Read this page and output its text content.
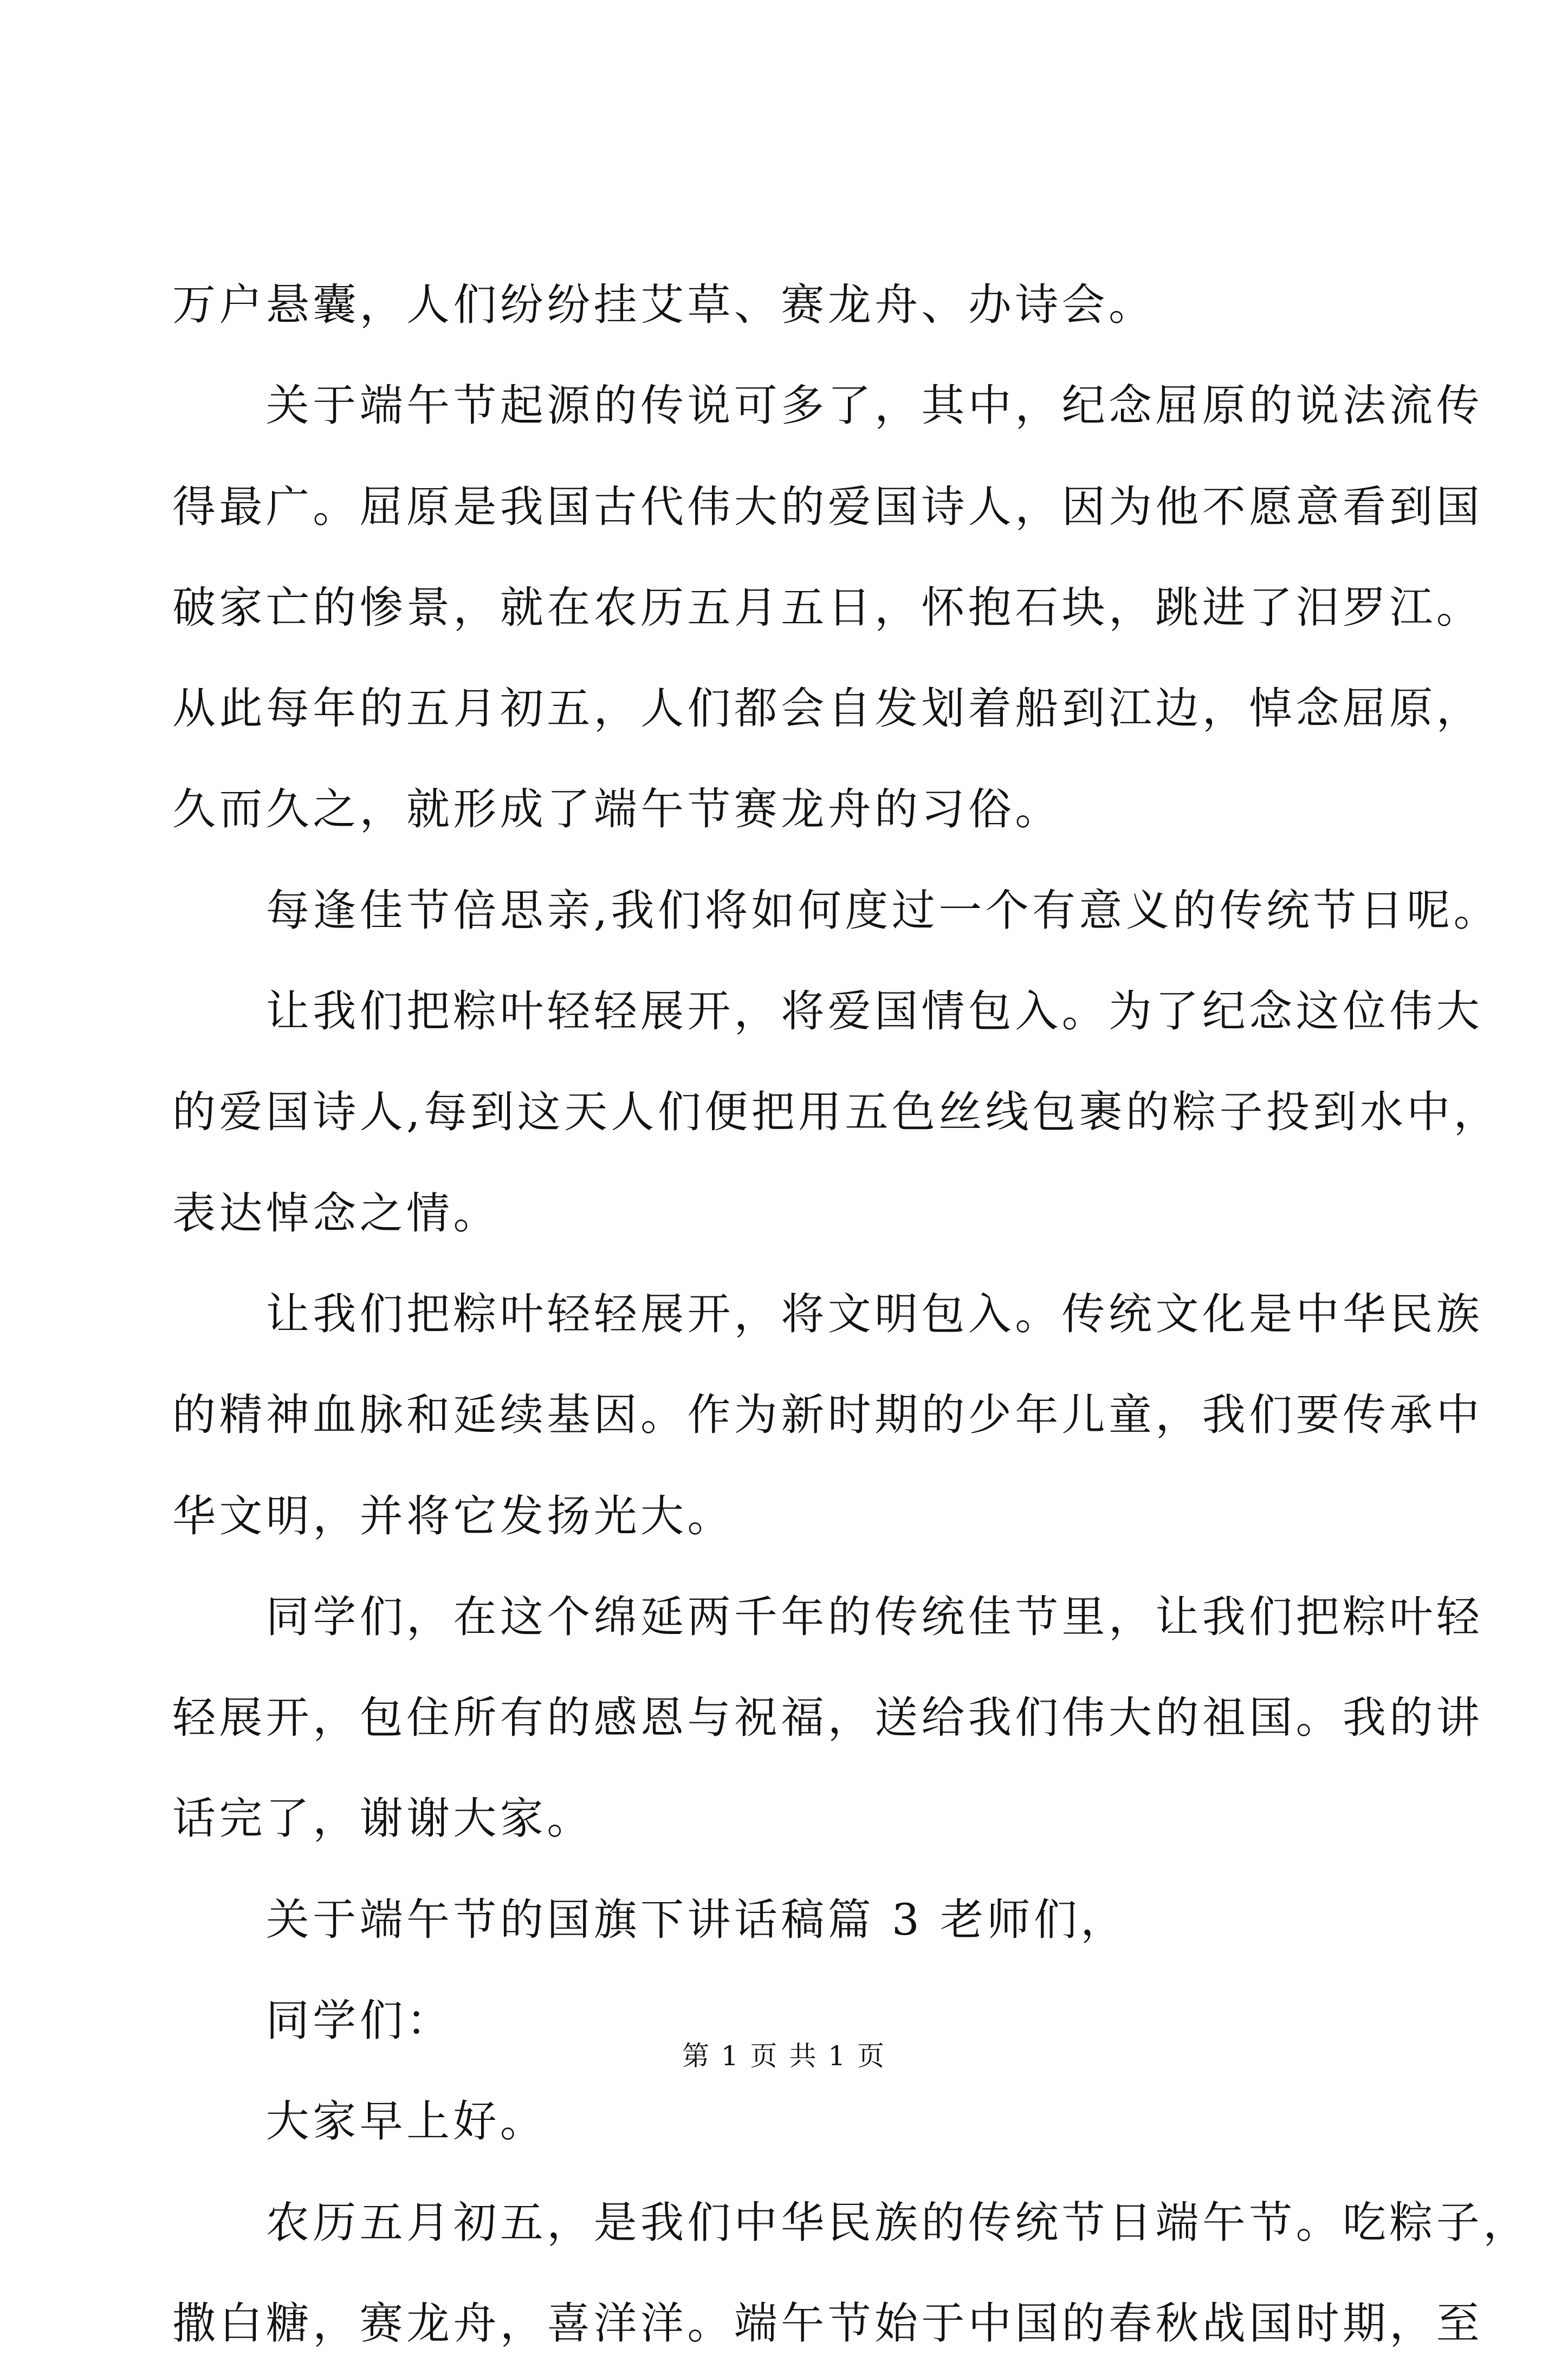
万户悬囊，人们纷纷挂艾草、赛龙舟、办诗会。
　　关于端午节起源的传说可多了，其中，纪念屈原的说法流传
得最广。屈原是我国古代伟大的爱国诗人，因为他不愿意看到国
破家亡的惨景，就在农历五月五日，怀抱石块，跳进了汨罗江。
从此每年的五月初五，人们都会自发划着船到江边，悼念屈原，
久而久之，就形成了端午节赛龙舟的习俗。
　　每逢佳节倍思亲,我们将如何度过一个有意义的传统节日呢。
　　让我们把粽叶轻轻展开，将爱国情包入。为了纪念这位伟大
的爱国诗人,每到这天人们便把用五色丝线包裹的粽子投到水中，
表达悼念之情。
　　让我们把粽叶轻轻展开，将文明包入。传统文化是中华民族
的精神血脉和延续基因。作为新时期的少年儿童，我们要传承中
华文明，并将它发扬光大。
　　同学们，在这个绵延两千年的传统佳节里，让我们把粽叶轻
轻展开，包住所有的感恩与祝福，送给我们伟大的祖国。我的讲
话完了，谢谢大家。
　　关于端午节的国旗下讲话稿篇 3 老师们，
　　同学们：
　　大家早上好。
　　农历五月初五，是我们中华民族的传统节日端午节。吃粽子，
撒白糖，赛龙舟，喜洋洋。端午节始于中国的春秋战国时期，至
第 1 页 共 1 页
